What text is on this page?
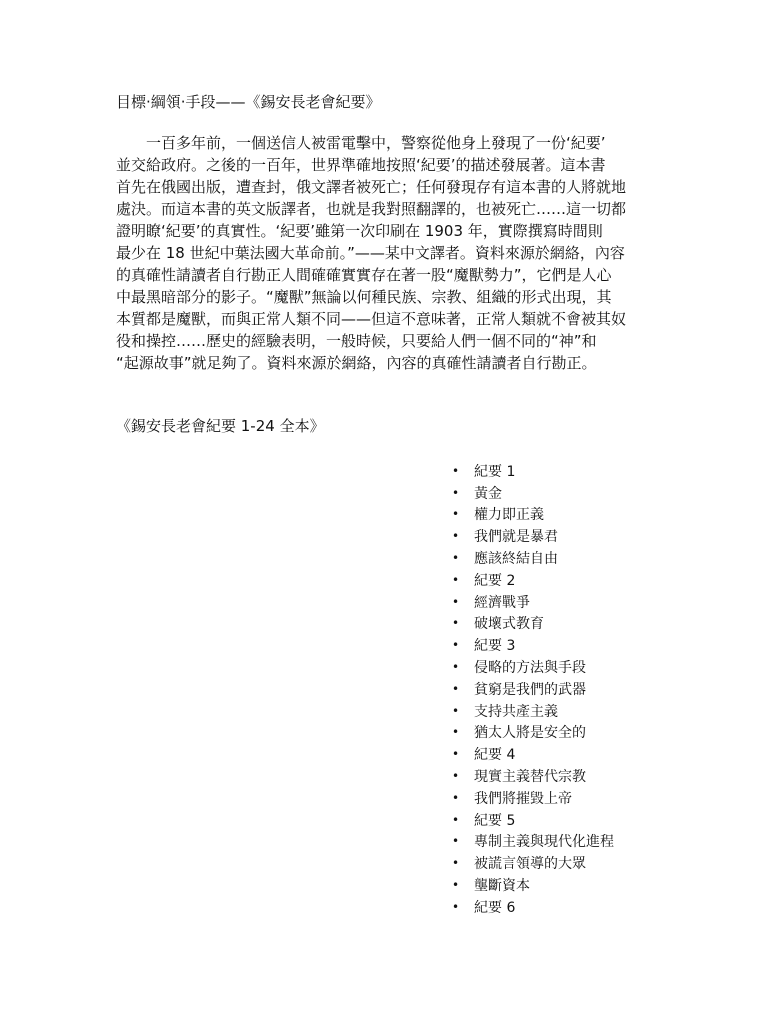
目標·綱領·手段——《錫安長老會紀要》
　　一百多年前，一個送信人被雷電擊中，警察從他身上發現了一份‘紀要’
並交給政府。之後的一百年，世界準確地按照‘紀要’的描述發展著。這本書
首先在俄國出版，遭查封，俄文譯者被死亡；任何發現存有這本書的人將就地
處決。而這本書的英文版譯者，也就是我對照翻譯的，也被死亡……這一切都
證明瞭‘紀要’的真實性。‘紀要’雖第一次印刷在 1903 年，實際撰寫時間則
最少在 18 世紀中葉法國大革命前。”——某中文譯者。資料來源於網絡，內容
的真確性請讀者自行勘正人間確確實實存在著一股“魔獸勢力”，它們是人心
中最黑暗部分的影子。“魔獸”無論以何種民族、宗教、組織的形式出現，其
本質都是魔獸，而與正常人類不同——但這不意味著，正常人類就不會被其奴
役和操控……歷史的經驗表明，一般時候，只要給人們一個不同的“神”和
“起源故事”就足夠了。資料來源於網絡，內容的真確性請讀者自行勘正。
《錫安長老會紀要 1-24 全本》
•	紀要 1
•	黃金
•	權力即正義
•	我們就是暴君
•	應該終結自由
•	紀要 2
•	經濟戰爭
•	破壞式教育
•	紀要 3
•	侵略的方法與手段
•	貧窮是我們的武器
•	支持共產主義
•	猶太人將是安全的
•	紀要 4
•	現實主義替代宗教
•	我們將摧毀上帝
•	紀要 5
•	專制主義與現代化進程
•	被謊言領導的大眾
•	壟斷資本
•	紀要 6
